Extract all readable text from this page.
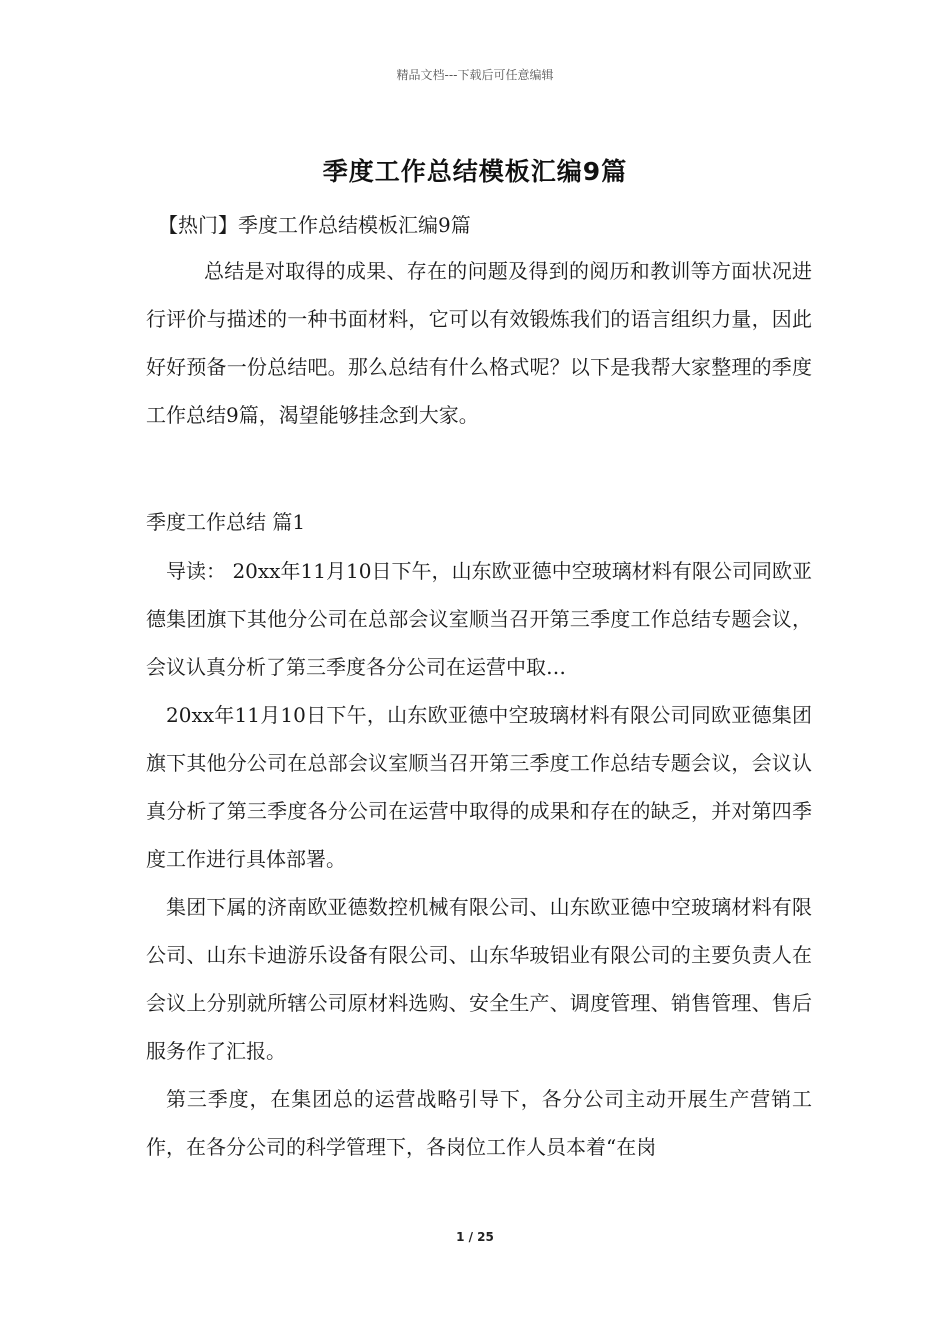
精品文档---下载后可任意编辑
季度工作总结模板汇编9篇
【热门】季度工作总结模板汇编9篇

总结是对取得的成果、存在的问题及得到的阅历和教训等方面状况进行评价与描述的一种书面材料，它可以有效锻炼我们的语言组织力量，因此好好预备一份总结吧。那么总结有什么格式呢？以下是我帮大家整理的季度工作总结9篇，渴望能够挂念到大家。

季度工作总结 篇1

导读： 20xx年11月10日下午，山东欧亚德中空玻璃材料有限公司同欧亚德集团旗下其他分公司在总部会议室顺当召开第三季度工作总结专题会议，会议认真分析了第三季度各分公司在运营中取…

20xx年11月10日下午，山东欧亚德中空玻璃材料有限公司同欧亚德集团旗下其他分公司在总部会议室顺当召开第三季度工作总结专题会议，会议认真分析了第三季度各分公司在运营中取得的成果和存在的缺乏，并对第四季度工作进行具体部署。

集团下属的济南欧亚德数控机械有限公司、山东欧亚德中空玻璃材料有限公司、山东卡迪游乐设备有限公司、山东华玻铝业有限公司的主要负责人在会议上分别就所辖公司原材料选购、安全生产、调度管理、销售管理、售后服务作了汇报。

第三季度，在集团总的运营战略引导下，各分公司主动开展生产营销工作，在各分公司的科学管理下，各岗位工作人员本着“在岗

1 / 25
